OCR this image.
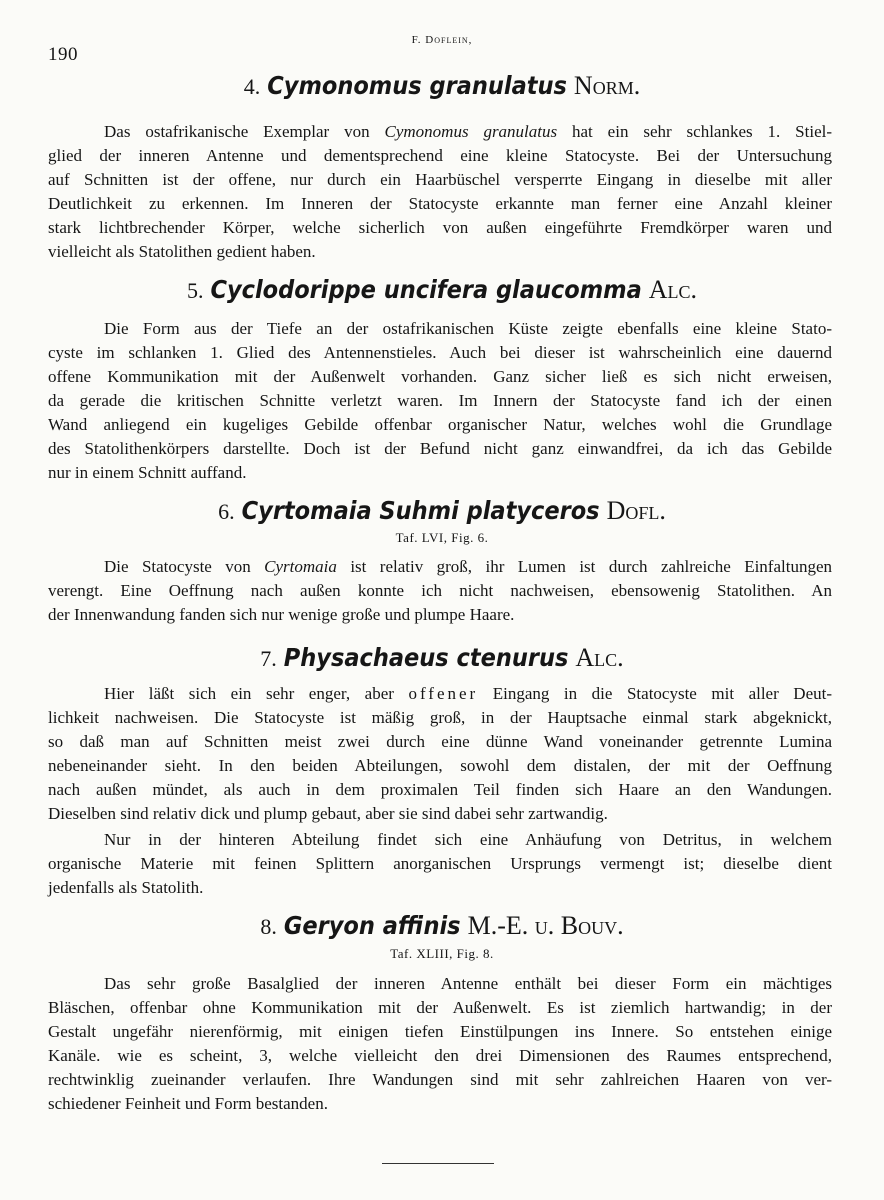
190
F. Doflein,
4. Cymonomus granulatus Norm.
Das ostafrikanische Exemplar von Cymonomus granulatus hat ein sehr schlankes 1. Stiel-
glied der inneren Antenne und dementsprechend eine kleine Statocyste. Bei der Untersuchung
auf Schnitten ist der offene, nur durch ein Haarbüschel versperrte Eingang in dieselbe mit aller
Deutlichkeit zu erkennen. Im Inneren der Statocyste erkannte man ferner eine Anzahl kleiner
stark lichtbrechender Körper, welche sicherlich von außen eingeführte Fremdkörper waren und
vielleicht als Statolithen gedient haben.
5. Cyclodorippe uncifera glaucomma Alc.
Die Form aus der Tiefe an der ostafrikanischen Küste zeigte ebenfalls eine kleine Stato-
cyste im schlanken 1. Glied des Antennenstieles. Auch bei dieser ist wahrscheinlich eine dauernd
offene Kommunikation mit der Außenwelt vorhanden. Ganz sicher ließ es sich nicht erweisen,
da gerade die kritischen Schnitte verletzt waren. Im Innern der Statocyste fand ich der einen
Wand anliegend ein kugeliges Gebilde offenbar organischer Natur, welches wohl die Grundlage
des Statolithenkörpers darstellte. Doch ist der Befund nicht ganz einwandfrei, da ich das Gebilde
nur in einem Schnitt auffand.
6. Cyrtomaia Suhmi platyceros Dofl.
Taf. LVI, Fig. 6.
Die Statocyste von Cyrtomaia ist relativ groß, ihr Lumen ist durch zahlreiche Einfaltungen
verengt. Eine Oeffnung nach außen konnte ich nicht nachweisen, ebensowenig Statolithen. An
der Innenwandung fanden sich nur wenige große und plumpe Haare.
7. Physachaeus ctenurus Alc.
Hier läßt sich ein sehr enger, aber offener Eingang in die Statocyste mit aller Deut-
lichkeit nachweisen. Die Statocyste ist mäßig groß, in der Hauptsache einmal stark abgeknickt,
so daß man auf Schnitten meist zwei durch eine dünne Wand voneinander getrennte Lumina
nebeneinander sieht. In den beiden Abteilungen, sowohl dem distalen, der mit der Oeffnung
nach außen mündet, als auch in dem proximalen Teil finden sich Haare an den Wandungen.
Dieselben sind relativ dick und plump gebaut, aber sie sind dabei sehr zartwandig.
Nur in der hinteren Abteilung findet sich eine Anhäufung von Detritus, in welchem
organische Materie mit feinen Splittern anorganischen Ursprungs vermengt ist; dieselbe dient
jedenfalls als Statolith.
8. Geryon affinis M.-E. u. Bouv.
Taf. XLIII, Fig. 8.
Das sehr große Basalglied der inneren Antenne enthält bei dieser Form ein mächtiges
Bläschen, offenbar ohne Kommunikation mit der Außenwelt. Es ist ziemlich hartwandig; in der
Gestalt ungefähr nierenförmig, mit einigen tiefen Einstülpungen ins Innere. So entstehen einige
Kanäle. wie es scheint, 3, welche vielleicht den drei Dimensionen des Raumes entsprechend,
rechtwinklig zueinander verlaufen. Ihre Wandungen sind mit sehr zahlreichen Haaren von ver-
schiedener Feinheit und Form bestanden.
